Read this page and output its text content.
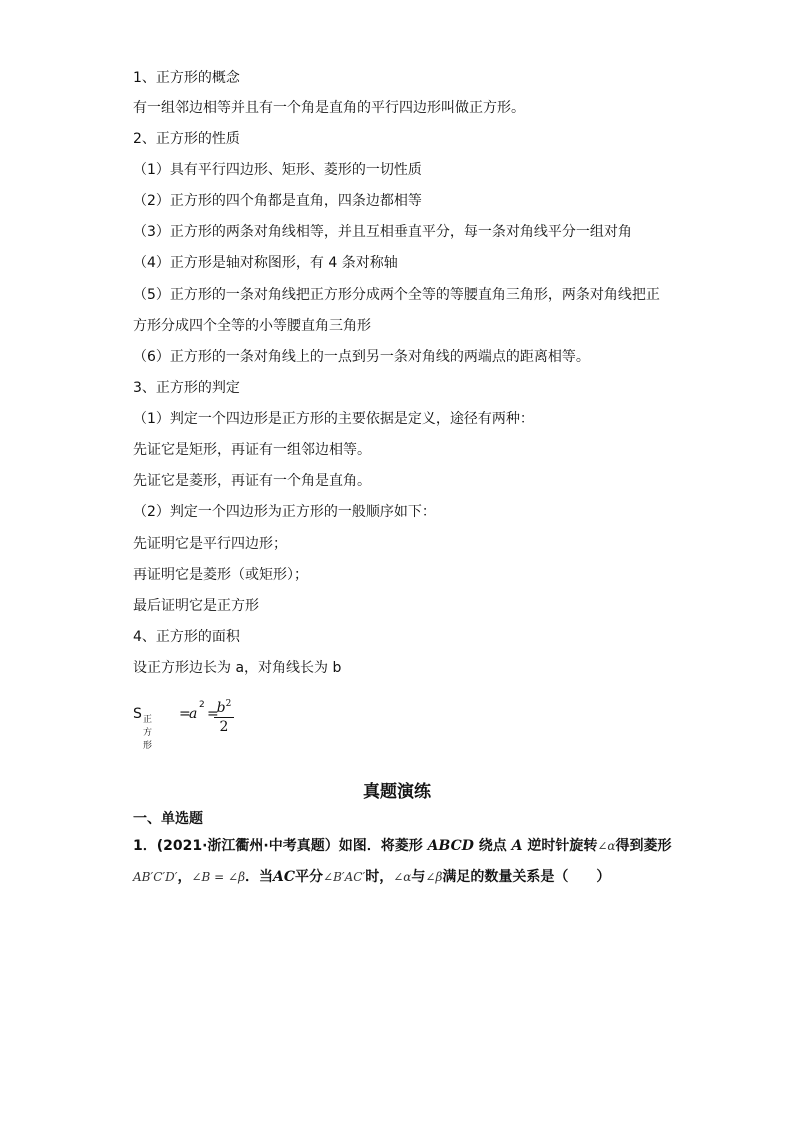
1、正方形的概念
有一组邻边相等并且有一个角是直角的平行四边形叫做正方形。
2、正方形的性质
（1）具有平行四边形、矩形、菱形的一切性质
（2）正方形的四个角都是直角，四条边都相等
（3）正方形的两条对角线相等，并且互相垂直平分，每一条对角线平分一组对角
（4）正方形是轴对称图形，有 4 条对称轴
（5）正方形的一条对角线把正方形分成两个全等的等腰直角三角形，两条对角线把正
方形分成四个全等的小等腰直角三角形
（6）正方形的一条对角线上的一点到另一条对角线的两端点的距离相等。
3、正方形的判定
（1）判定一个四边形是正方形的主要依据是定义，途径有两种：
先证它是矩形，再证有一组邻边相等。
先证它是菱形，再证有一个角是直角。
（2）判定一个四边形为正方形的一般顺序如下：
先证明它是平行四边形；
再证明它是菱形（或矩形）；
最后证明它是正方形
4、正方形的面积
设正方形边长为 a，对角线长为 b
S 正方形
=
a
2
=
$b^2$
2
真题演练
一、单选题
1．(2021·浙江衢州·中考真题）如图．将菱形 ABCD 绕点 A 逆时针旋转∠α得到菱形
AB′C′D′，∠B = ∠β．当AC平分∠B′AC′时，∠α与∠β满足的数量关系是（　　）
